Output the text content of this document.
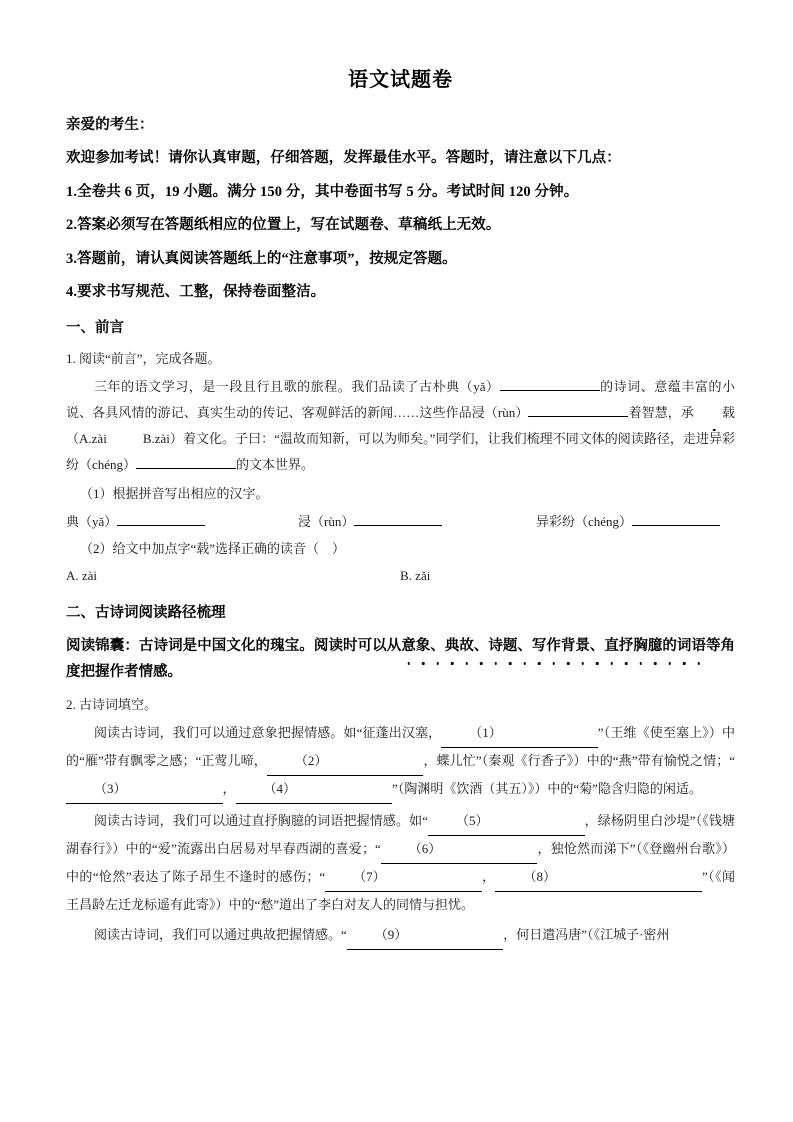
语文试题卷
亲爱的考生：
欢迎参加考试！请你认真审题，仔细答题，发挥最佳水平。答题时，请注意以下几点：
1.全卷共 6 页，19 小题。满分 150 分，其中卷面书写 5 分。考试时间 120 分钟。
2.答案必须写在答题纸相应的位置上，写在试题卷、草稿纸上无效。
3.答题前，请认真阅读答题纸上的“注意事项”，按规定答题。
4.要求书写规范、工整，保持卷面整洁。
一、前言
1. 阅读“前言”，完成各题。
三年的语文学习，是一段且行且歌的旅程。我们品读了古朴典（yǎ）	的诗词、意蕴丰富的小说、各具风情的游记、真实生动的传记、客观鲜活的新闻……这些作品浸（rùn）	着智慧，承 载（A.zài	B.zài）着文化。子曰：“温故而知新，可以为师矣。”同学们，让我们梳理不同文体的阅读路径，走进异彩纷（chéng）	的文本世界。
（1）根据拼音写出相应的汉字。
典（yǎ）	浸（rùn）	异彩纷（chéng）
（2）给文中加点字“载”选择正确的读音（　）
A. zài	B. zǎi
二、古诗词阅读路径梳理
阅读锦囊：古诗词是中国文化的瑰宝。阅读时可以从意象、典故、诗题、写作背景、直抒胸臆的词语等角度把握作者情感。
2. 古诗词填空。
阅读古诗词，我们可以通过意象把握情感。如“征蓬出汉塞， （1）	”（王维《使至塞上》）中的“雁”带有飘零之感；“正莺儿啼， （2）	，蝶儿忙”（秦观《行香子》）中的“燕”带有愉悦之情；“（3）	， （4）	”（陶渊明《饮酒（其五）》）中的“菊”隐含归隐的闲适。
阅读古诗词，我们可以通过直抒胸臆的词语把握情感。如“ （5）	，绿杨阴里白沙堤”（《钱塘湖春行》）中的“爱”流露出白居易对早春西湖的喜爱；“ （6）	，独怆然而涕下”（《登幽州台歌》）中的“怆然”表达了陈子昂生不逢时的感伤；“ （7）	， （8）	”（《闻王昌龄左迁龙标遥有此寄》）中的“愁”道出了李白对友人的同情与担忧。
阅读古诗词，我们可以通过典故把握情感。“ （9）	，何日遣冯唐”（《江城子·密州
